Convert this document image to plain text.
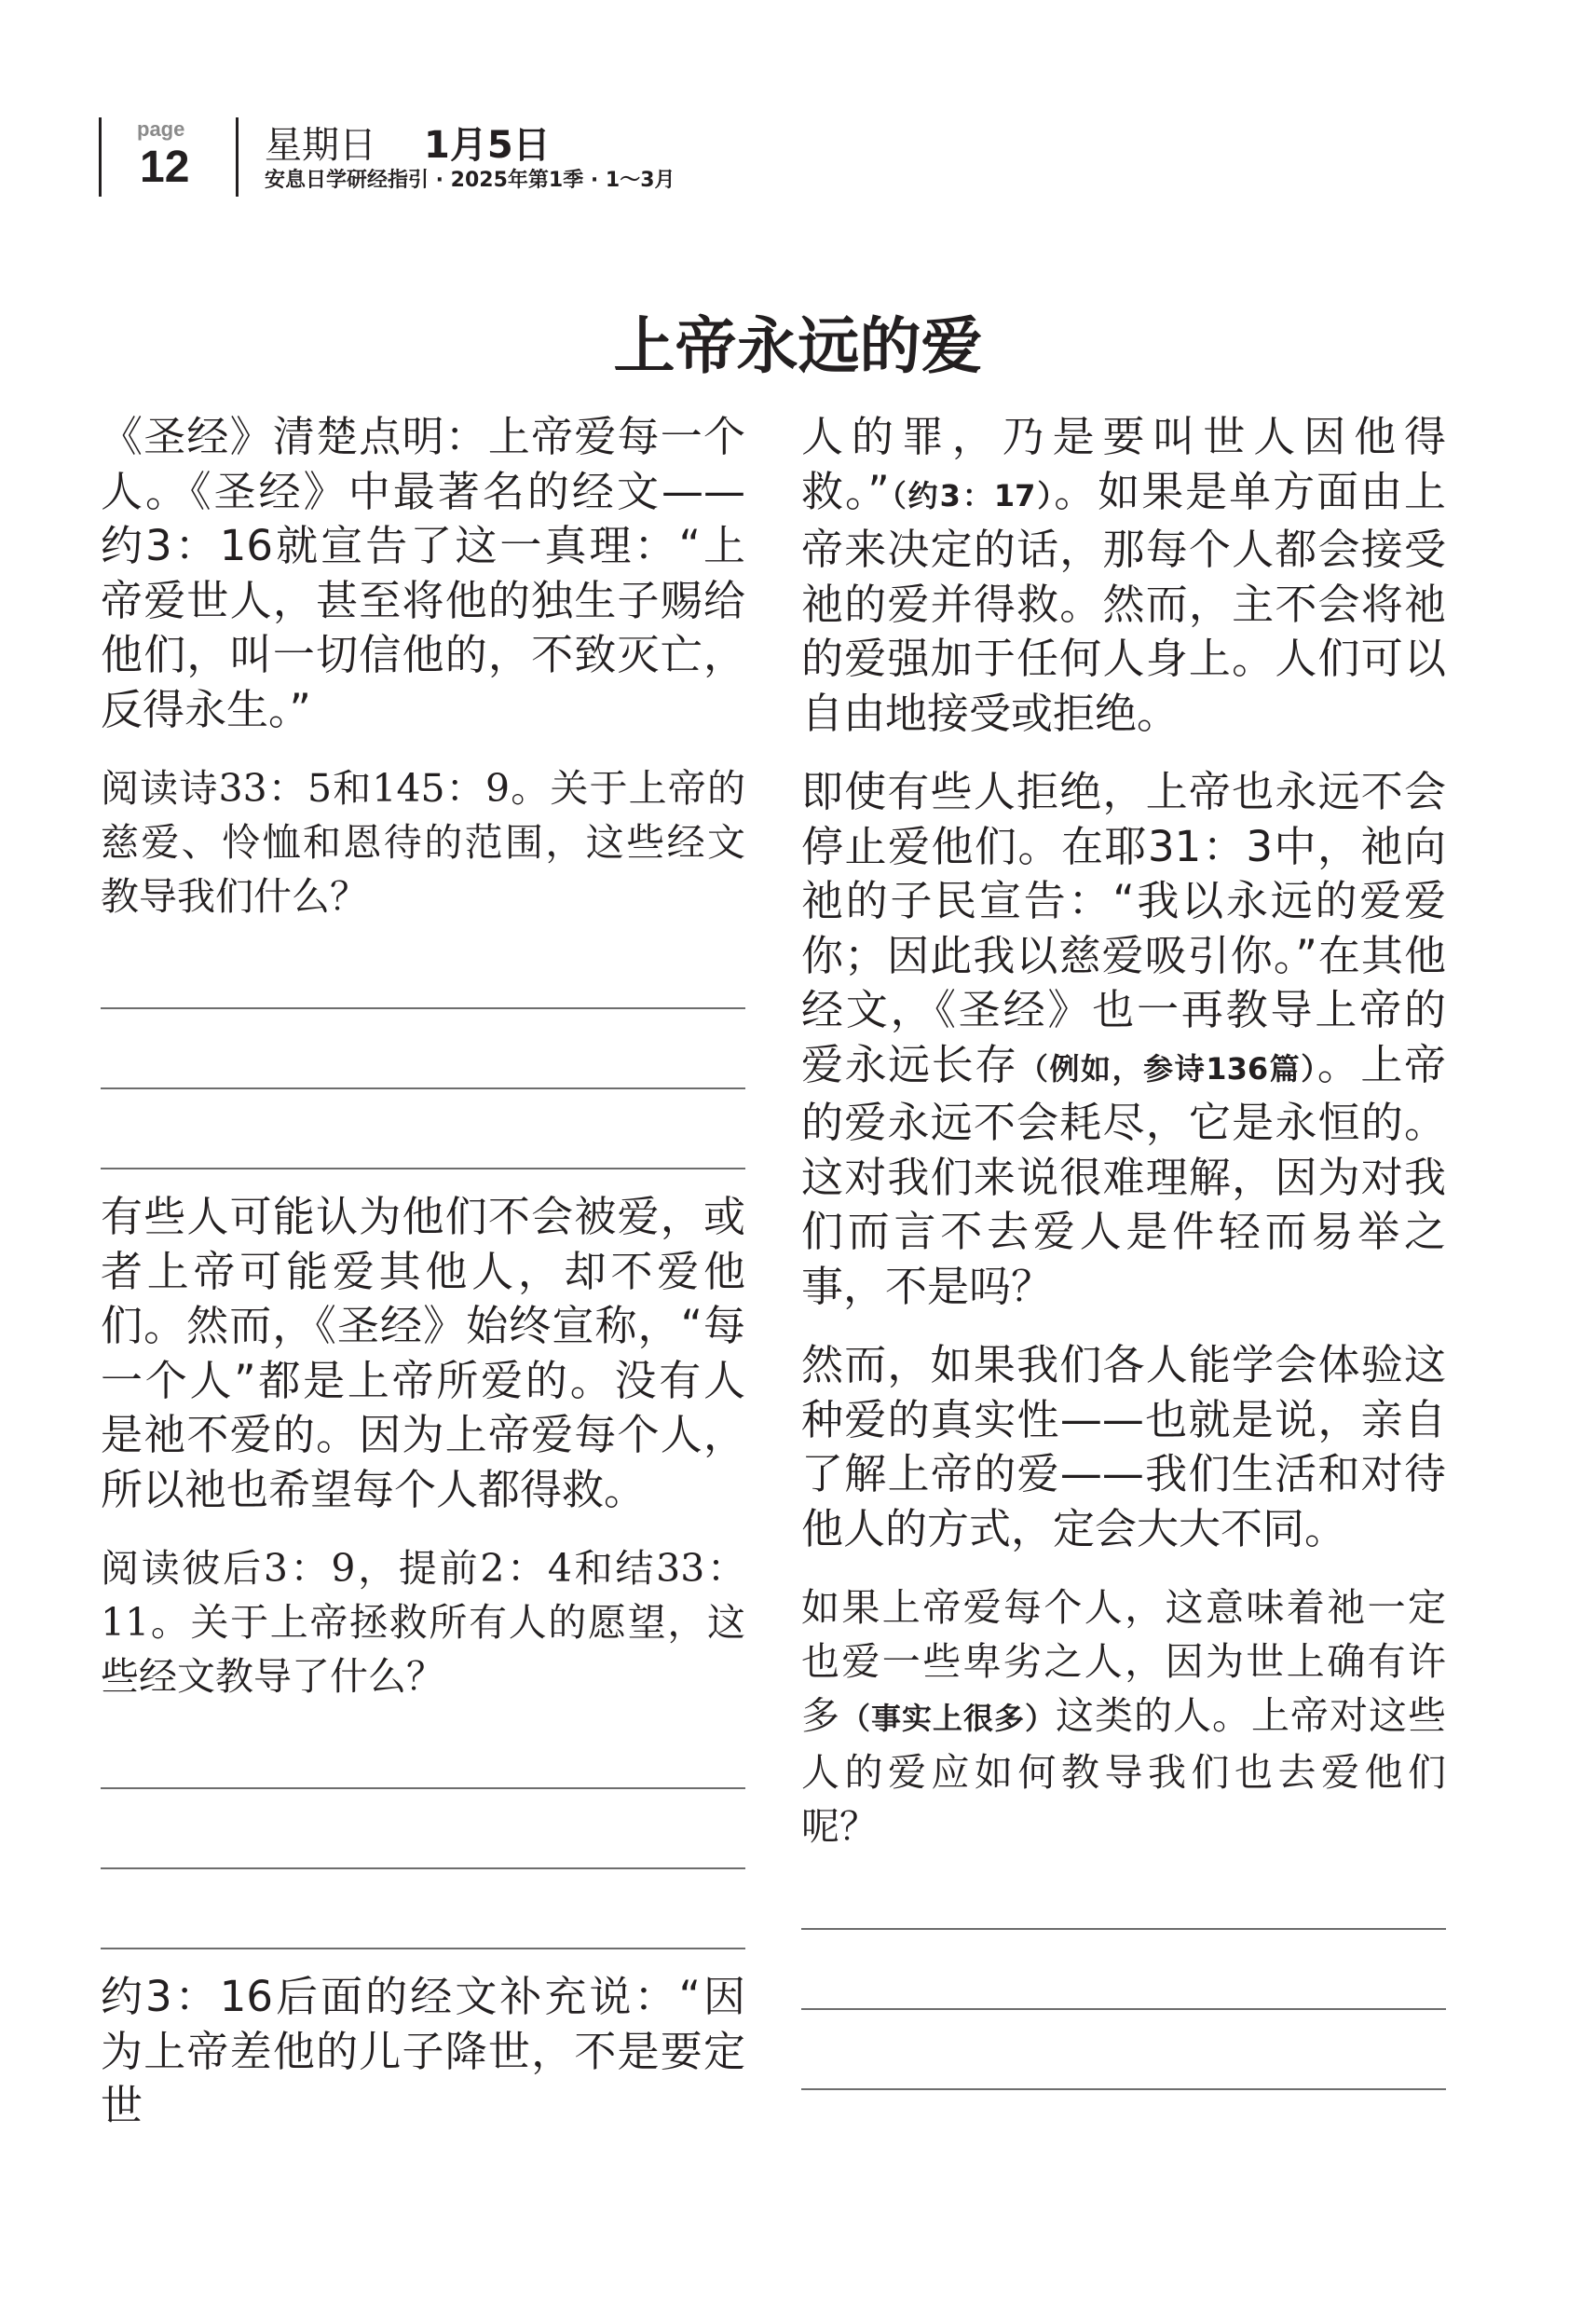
page
12 星期日 1月5日
安息日学研经指引 · 2025年第1季 · 1～3月
上帝永远的爱

《圣经》清楚点明：上帝爱每一个人。《圣经》中最著名的经文——约3：16就宣告了这一真理：“上帝爱世人，甚至将他的独生子赐给他们，叫一切信他的，不致灭亡，反得永生。”

阅读诗33：5和145：9。关于上帝的慈爱、怜恤和恩待的范围，这些经文教导我们什么？

有些人可能认为他们不会被爱，或者上帝可能爱其他人，却不爱他们。然而，《圣经》始终宣称，“每一个人”都是上帝所爱的。没有人是祂不爱的。因为上帝爱每个人，所以祂也希望每个人都得救。

阅读彼后3：9，提前2：4和结33：11。关于上帝拯救所有人的愿望，这些经文教导了什么？

约3：16后面的经文补充说：“因为上帝差他的儿子降世，不是要定世

人的罪，乃是要叫世人因他得救。”（约3：17）。如果是单方面由上帝来决定的话，那每个人都会接受祂的爱并得救。然而，主不会将祂的爱强加于任何人身上。人们可以自由地接受或拒绝。

即使有些人拒绝，上帝也永远不会停止爱他们。在耶31：3中，祂向祂的子民宣告：“我以永远的爱爱你；因此我以慈爱吸引你。”在其他经文，《圣经》也一再教导上帝的爱永远长存（例如，参诗136篇）。上帝的爱永远不会耗尽，它是永恒的。这对我们来说很难理解，因为对我们而言不去爱人是件轻而易举之事，不是吗？

然而，如果我们各人能学会体验这种爱的真实性——也就是说，亲自了解上帝的爱——我们生活和对待他人的方式，定会大大不同。

如果上帝爱每个人，这意味着祂一定也爱一些卑劣之人，因为世上确有许多（事实上很多）这类的人。上帝对这些人的爱应如何教导我们也去爱他们呢？
